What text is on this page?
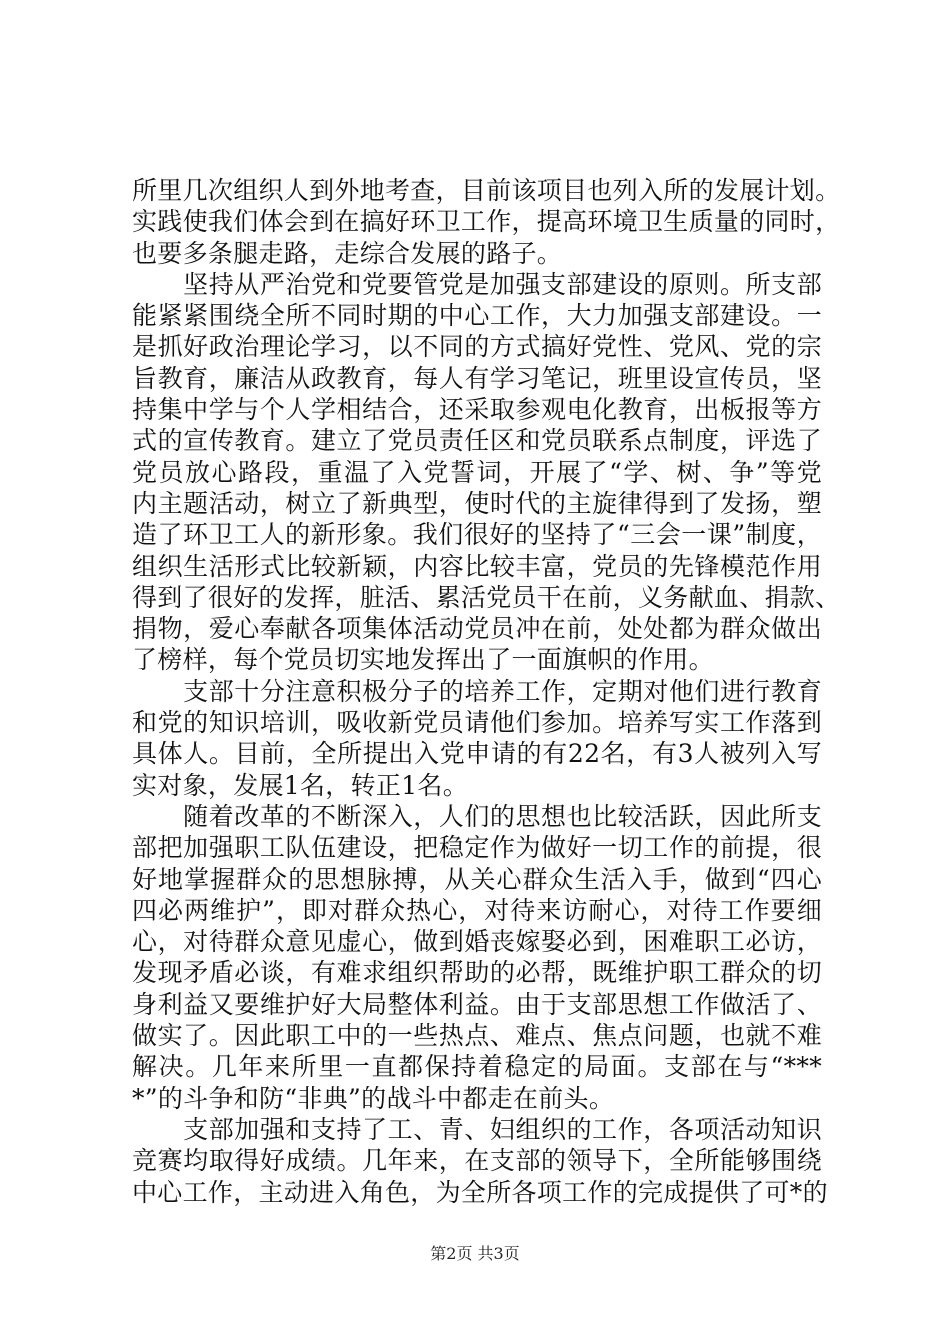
所里几次组织人到外地考查，目前该项目也列入所的发展计划。
实践使我们体会到在搞好环卫工作，提高环境卫生质量的同时，
也要多条腿走路，走综合发展的路子。
　　坚持从严治党和党要管党是加强支部建设的原则。所支部
能紧紧围绕全所不同时期的中心工作，大力加强支部建设。一
是抓好政治理论学习，以不同的方式搞好党性、党风、党的宗
旨教育，廉洁从政教育，每人有学习笔记，班里设宣传员，坚
持集中学与个人学相结合，还采取参观电化教育，出板报等方
式的宣传教育。建立了党员责任区和党员联系点制度，评选了
党员放心路段，重温了入党誓词，开展了“学、树、争”等党
内主题活动，树立了新典型，使时代的主旋律得到了发扬，塑
造了环卫工人的新形象。我们很好的坚持了“三会一课”制度，
组织生活形式比较新颖，内容比较丰富，党员的先锋模范作用
得到了很好的发挥，脏活、累活党员干在前，义务献血、捐款、
捐物，爱心奉献各项集体活动党员冲在前，处处都为群众做出
了榜样，每个党员切实地发挥出了一面旗帜的作用。
　　支部十分注意积极分子的培养工作，定期对他们进行教育
和党的知识培训，吸收新党员请他们参加。培养写实工作落到
具体人。目前，全所提出入党申请的有22名，有3人被列入写
实对象，发展1名，转正1名。
　　随着改革的不断深入，人们的思想也比较活跃，因此所支
部把加强职工队伍建设，把稳定作为做好一切工作的前提，很
好地掌握群众的思想脉搏，从关心群众生活入手，做到“四心
四必两维护”，即对群众热心，对待来访耐心，对待工作要细
心，对待群众意见虚心，做到婚丧嫁娶必到，困难职工必访，
发现矛盾必谈，有难求组织帮助的必帮，既维护职工群众的切
身利益又要维护好大局整体利益。由于支部思想工作做活了、
做实了。因此职工中的一些热点、难点、焦点问题，也就不难
解决。几年来所里一直都保持着稳定的局面。支部在与“***
*”的斗争和防“非典”的战斗中都走在前头。
　　支部加强和支持了工、青、妇组织的工作，各项活动知识
竞赛均取得好成绩。几年来，在支部的领导下，全所能够围绕
中心工作，主动进入角色，为全所各项工作的完成提供了可*的
第2页 共3页
